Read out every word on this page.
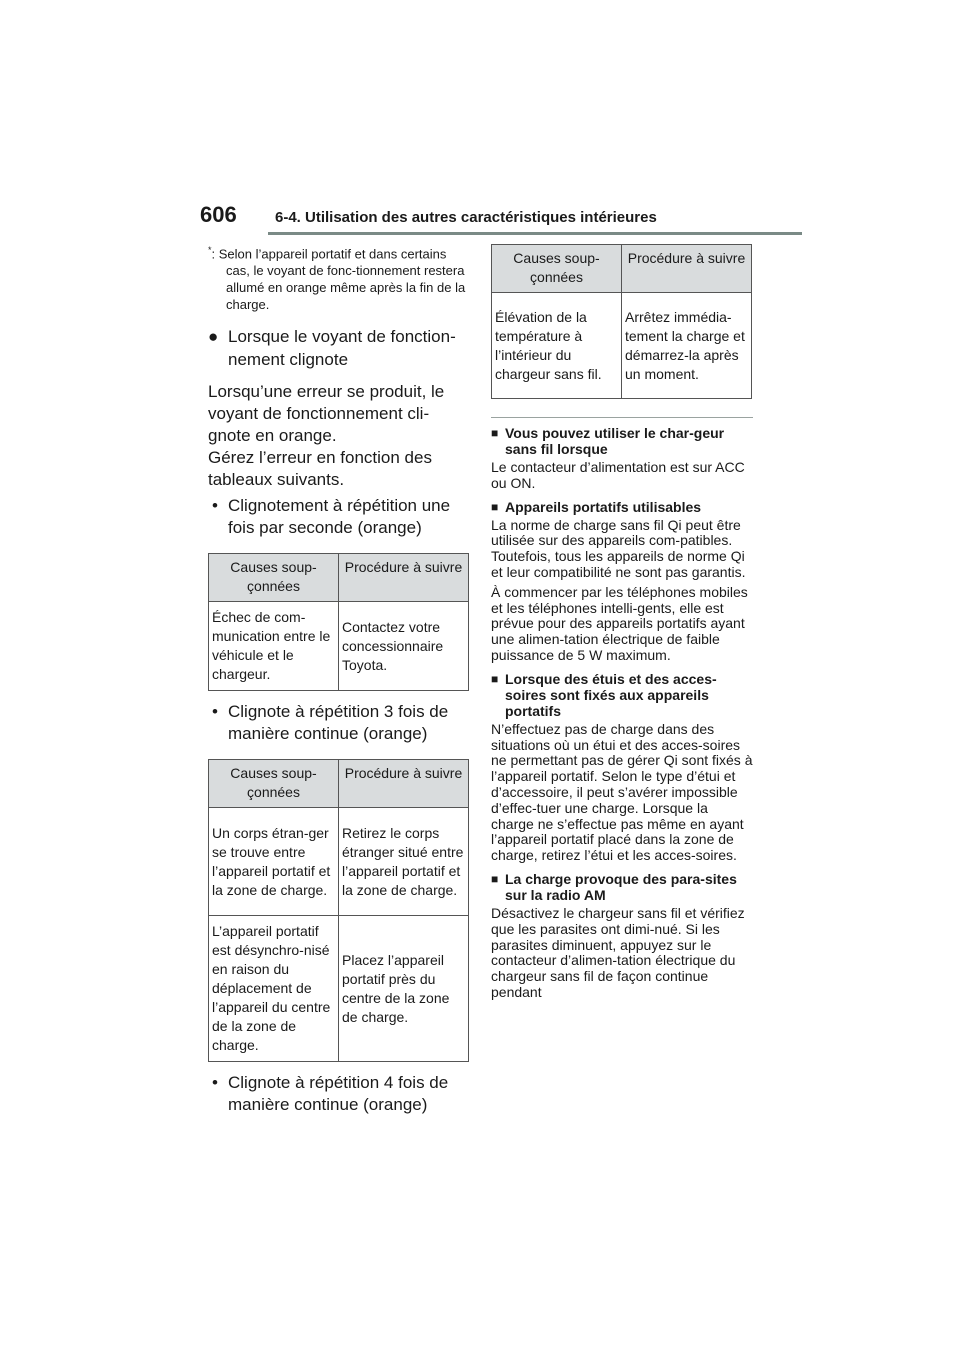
606	6-4. Utilisation des autres caractéristiques intérieures
*: Selon l’appareil portatif et dans certains cas, le voyant de fonc-tionnement restera allumé en orange même après la fin de la charge.
● Lorsque le voyant de fonction-nement clignote

Lorsqu’une erreur se produit, le voyant de fonctionnement cli-gnote en orange.

Gérez l’erreur en fonction des tableaux suivants.

• Clignotement à répétition une fois par seconde (orange)
Causes soup-çonnées	Procédure à suivre
Échec de com-munication entre le véhicule et le chargeur.	Contactez votre concessionnaire Toyota.
• Clignote à répétition 3 fois de manière continue (orange)
Causes soup-çonnées	Procédure à suivre
Un corps étran-ger se trouve entre l’appareil portatif et la zone de charge.	Retirez le corps étranger situé entre l’appareil portatif et la zone de charge.
L’appareil portatif est désynchro-nisé en raison du déplacement de l’appareil du centre de la zone de charge.	Placez l’appareil portatif près du centre de la zone de charge.
• Clignote à répétition 4 fois de manière continue (orange)
Causes soup-çonnées	Procédure à suivre
Élévation de la température à l’intérieur du chargeur sans fil.	Arrêtez immédia-tement la charge et démarrez-la après un moment.
■ Vous pouvez utiliser le char-geur sans fil lorsque

Le contacteur d’alimentation est sur ACC ou ON.

■ Appareils portatifs utilisables

La norme de charge sans fil Qi peut être utilisée sur des appareils com-patibles.

Toutefois, tous les appareils de norme Qi et leur compatibilité ne sont pas garantis.

À commencer par les téléphones mobiles et les téléphones intelli-gents, elle est prévue pour des appareils portatifs ayant une alimen-tation électrique de faible puissance de 5 W maximum.

■ Lorsque des étuis et des acces-soires sont fixés aux appareils portatifs

N’effectuez pas de charge dans des situations où un étui et des acces-soires ne permettant pas de gérer Qi sont fixés à l’appareil portatif. Selon le type d’étui et d’accessoire, il peut s’avérer impossible d’effec-tuer une charge. Lorsque la charge ne s’effectue pas même en ayant l’appareil portatif placé dans la zone de charge, retirez l’étui et les acces-soires.

■ La charge provoque des para-sites sur la radio AM

Désactivez le chargeur sans fil et vérifiez que les parasites ont dimi-nué. Si les parasites diminuent, appuyez sur le contacteur d’alimen-tation électrique du chargeur sans fil de façon continue pendant
